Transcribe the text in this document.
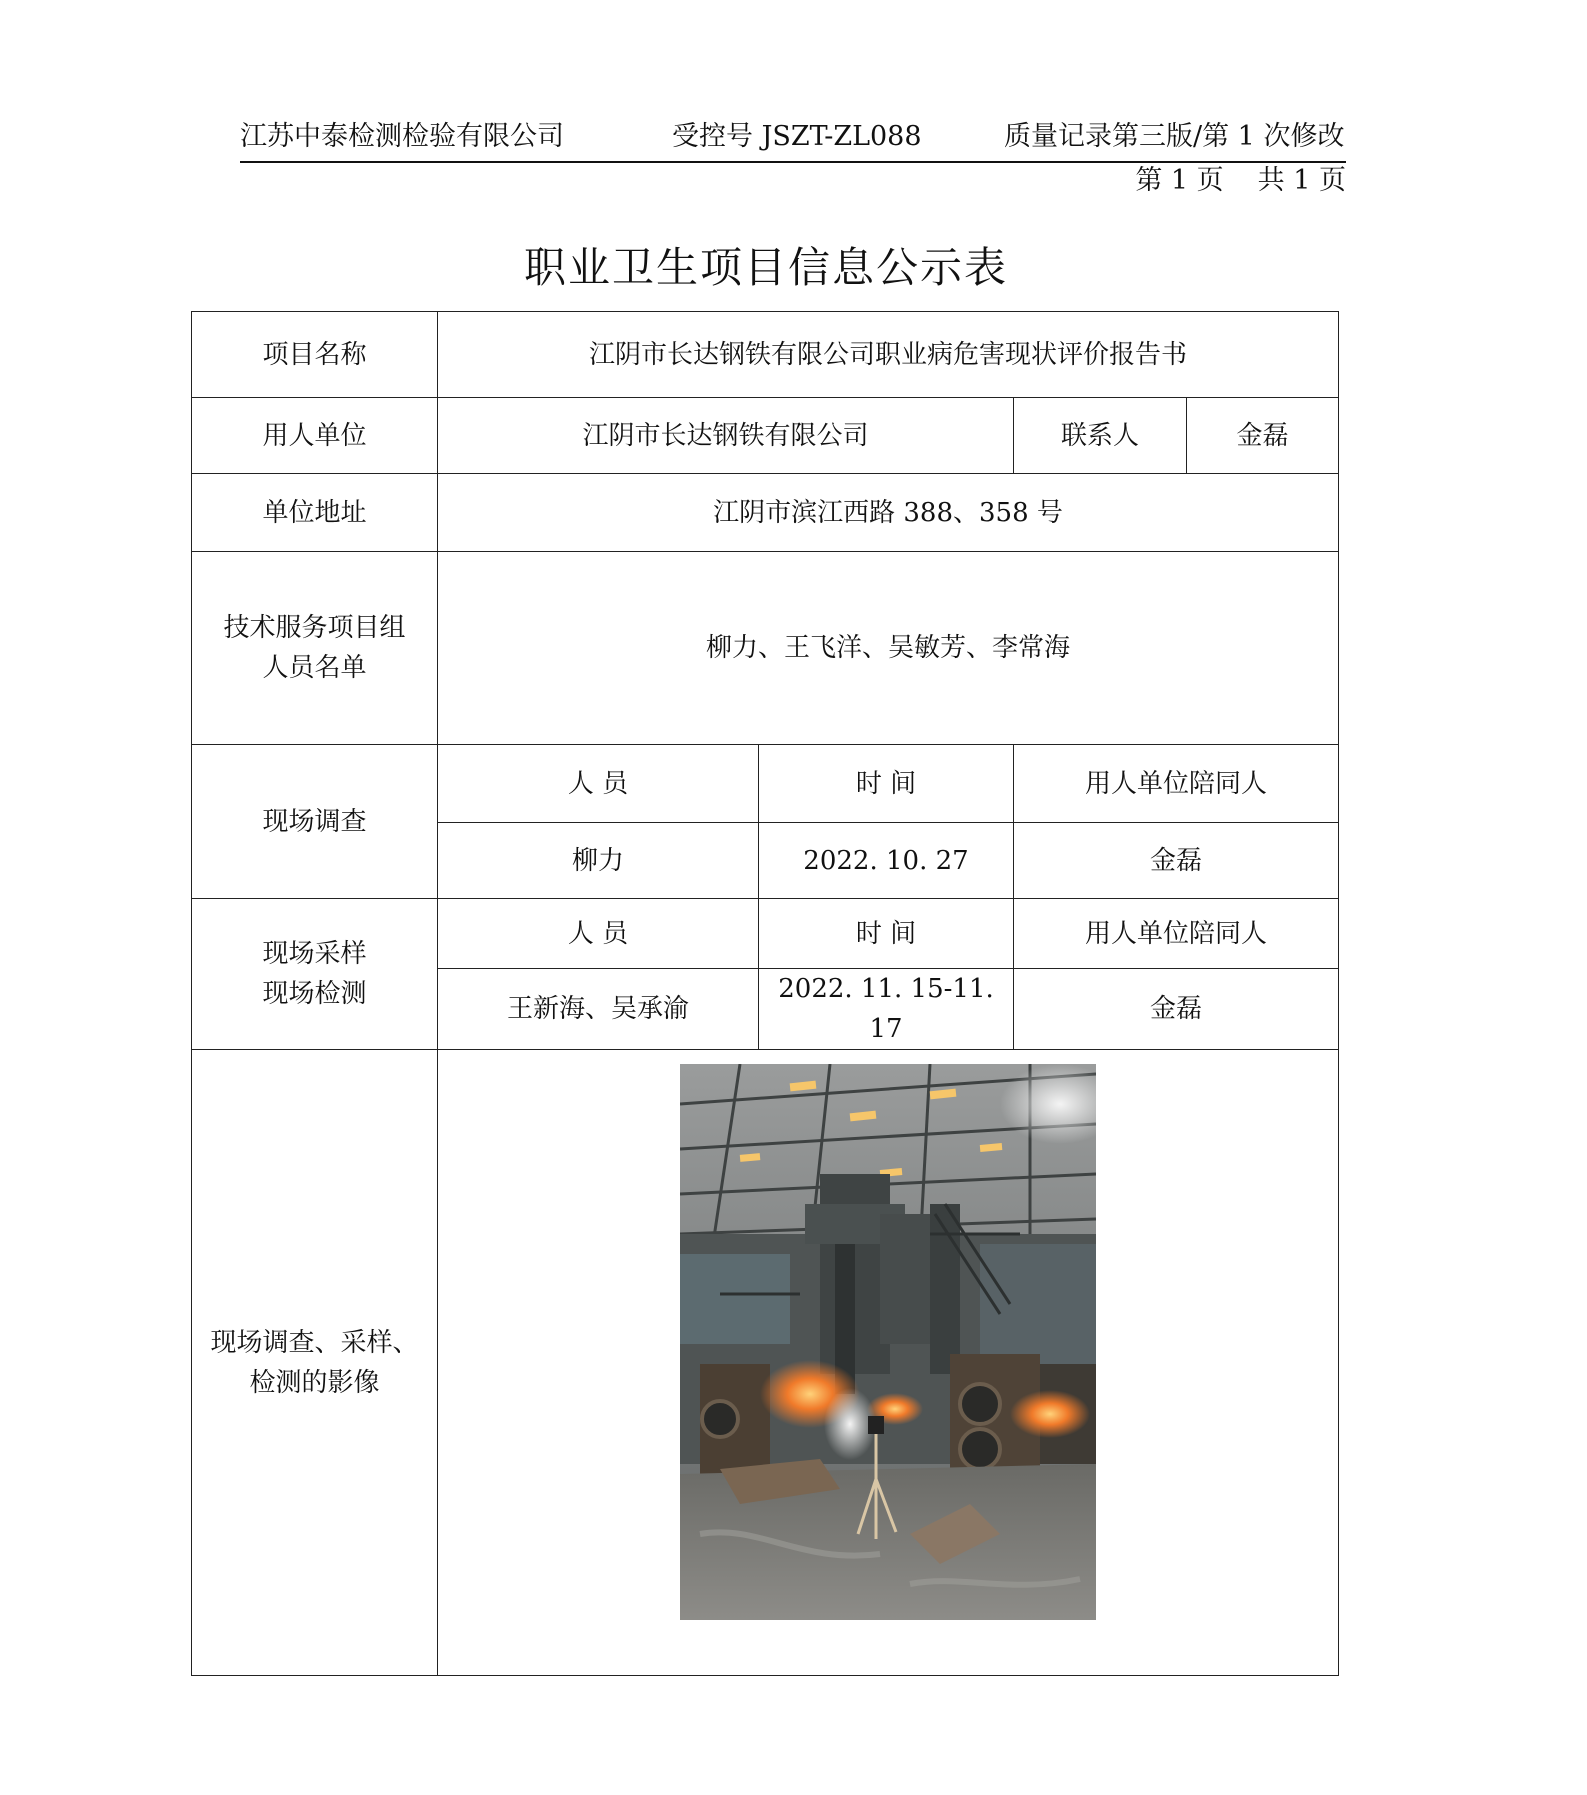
江苏中泰检测检验有限公司	受控号 JSZT-ZL088	质量记录第三版/第 1 次修改
第 1 页 共 1 页
职业卫生项目信息公示表
项目名称	江阴市长达钢铁有限公司职业病危害现状评价报告书			
用人单位	江阴市长达钢铁有限公司		联系人	金磊
单位地址	江阴市滨江西路 388、358 号			

技术服务项目组
人员名单	柳力、王飞洋、吴敏芳、李常海			
现场调查	人 员	时 间	用人单位陪同人	
	柳力	2022. 10. 27	金磊	

现场采样
现场检测	人 员	时 间	用人单位陪同人	
	王新海、吴承渝	2022. 11. 15-11. 17	金磊	

现场调查、采样、
检测的影像
